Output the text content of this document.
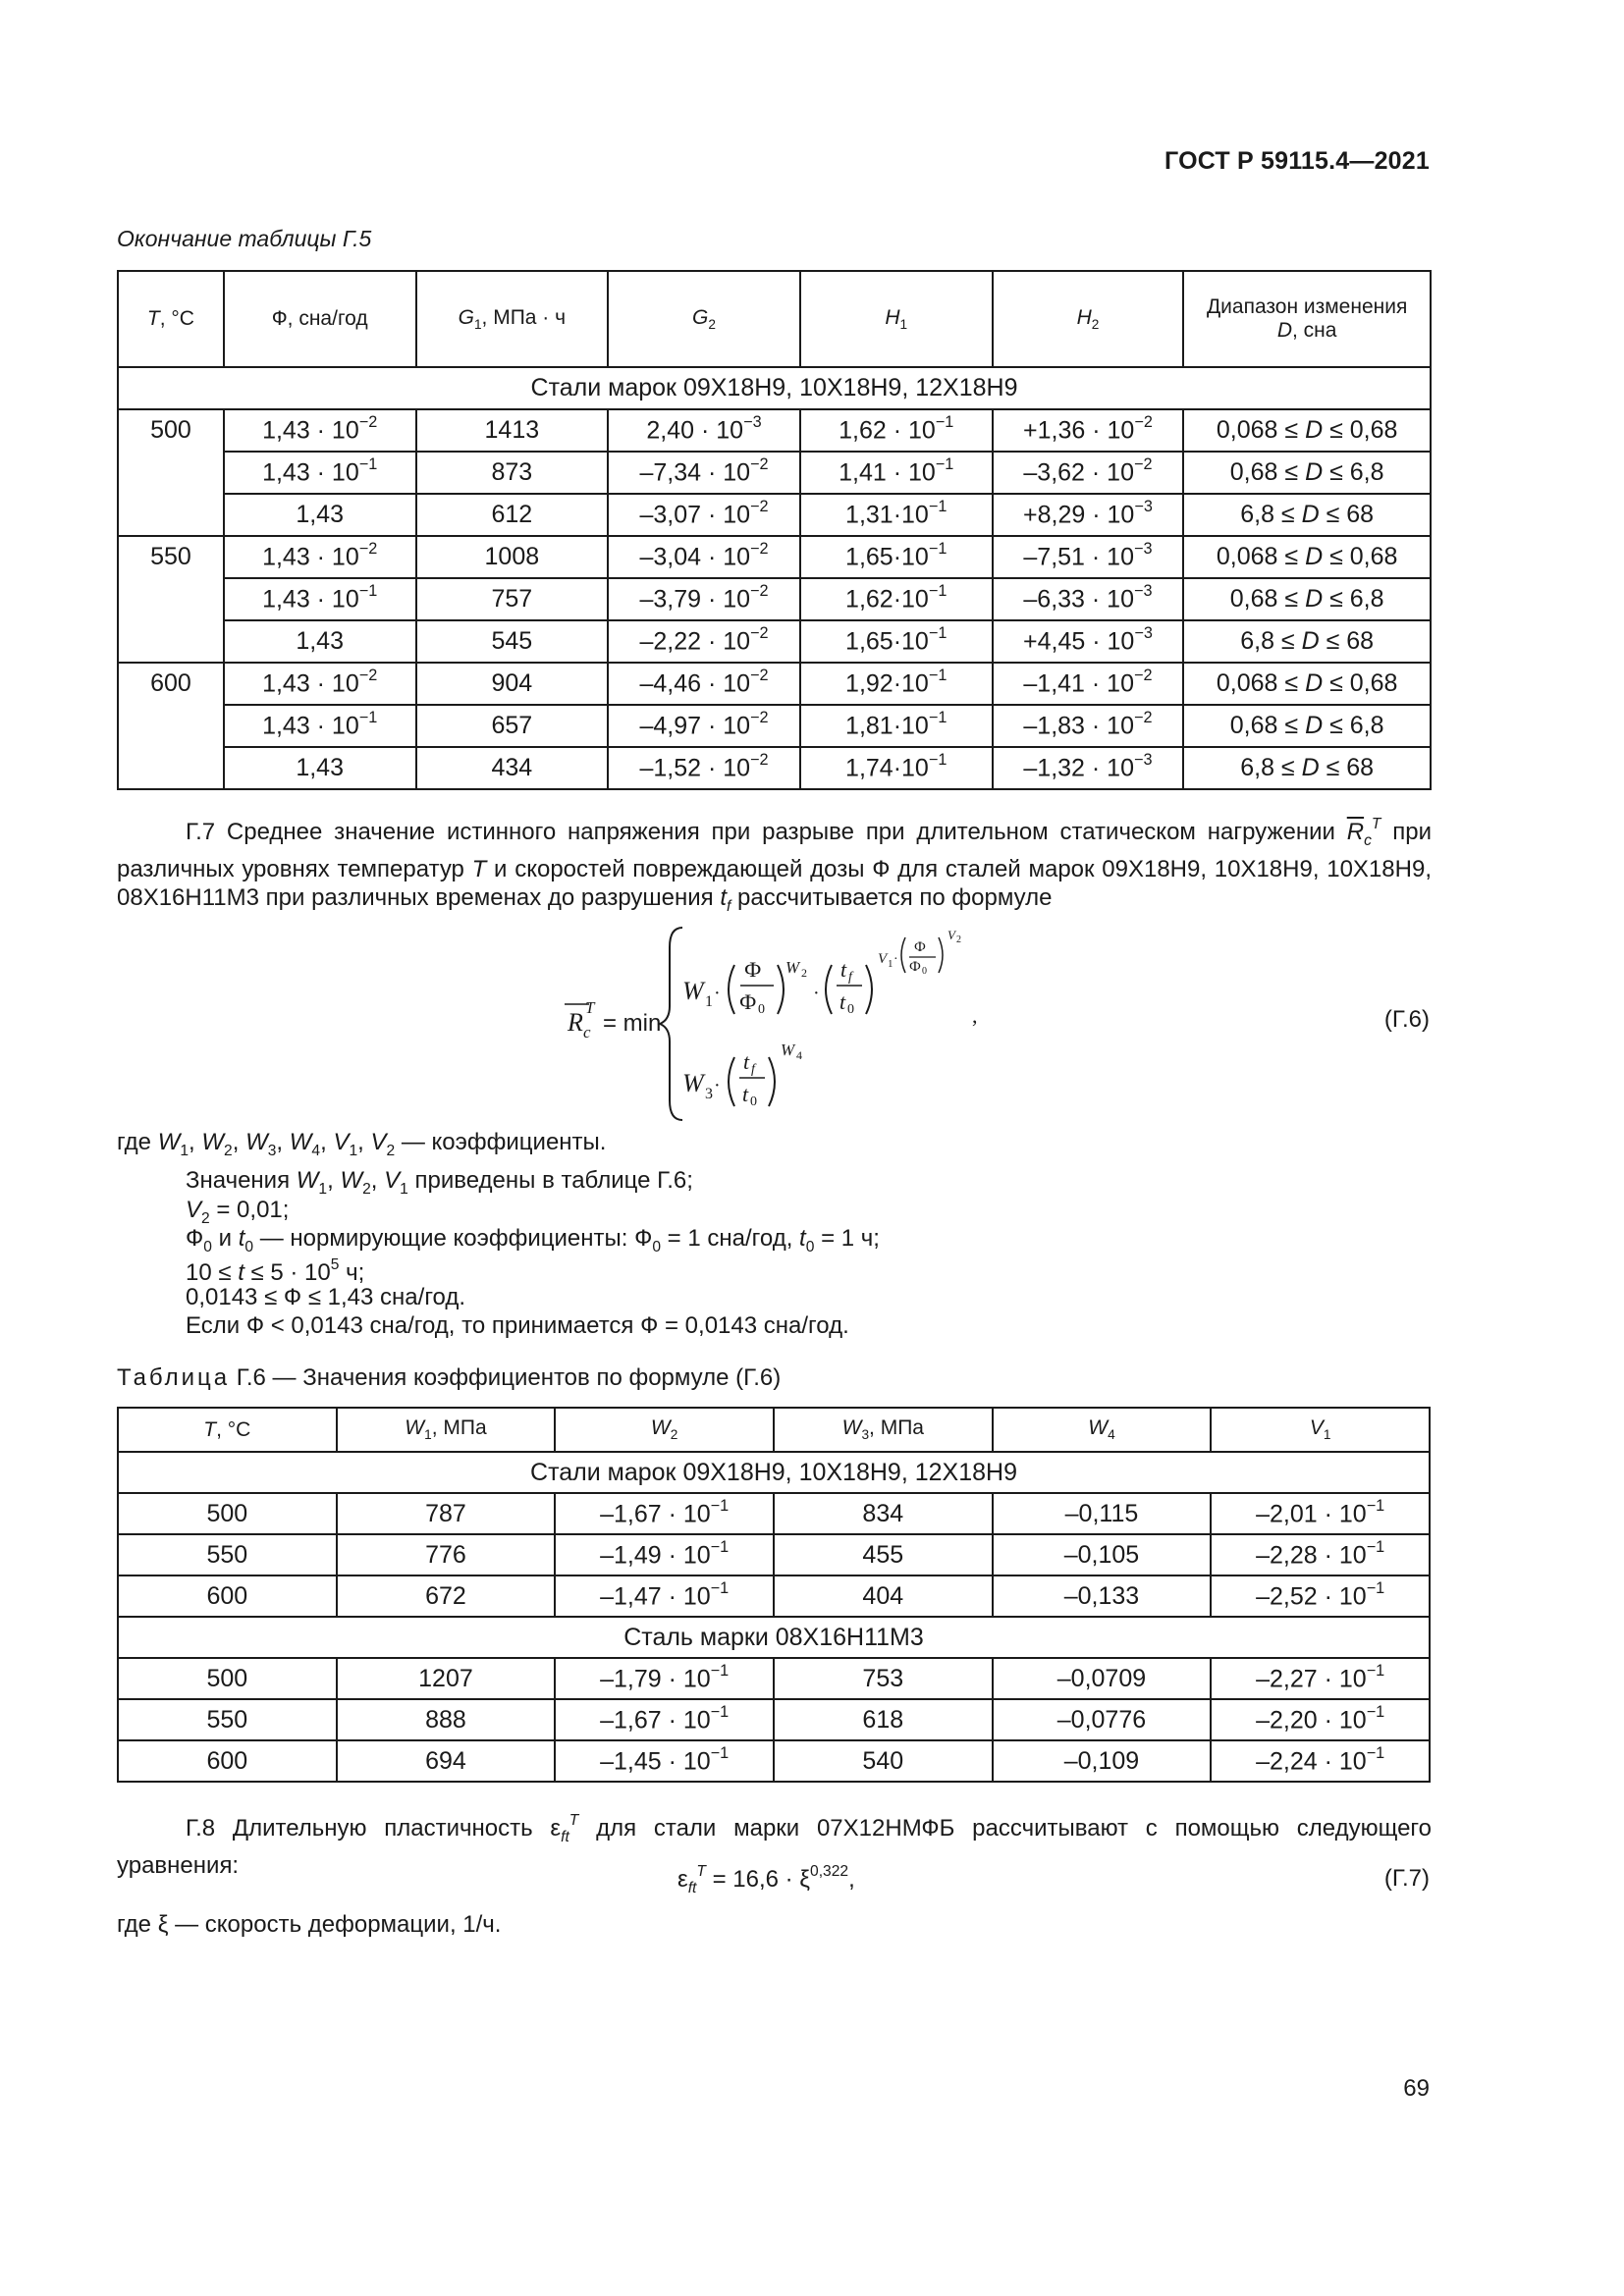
ГОСТ Р 59115.4—2021
Окончание таблицы Г.5
T, °C	Ф, сна/год	$G_1$, МПа · ч	$G_2$	$H_1$	$H_2$	Диапазон изменения
D, сна
Стали марок 09Х18Н9, 10Х18Н9, 12Х18Н9						
500	$1,43 \cdot 10^{-2}$	1413	$2,40 \cdot 10^{-3}$	$1,62 \cdot 10^{-1}$	$+1,36 \cdot 10^{-2}$	0,068 ≤ D ≤ 0,68
	$1,43 \cdot 10^{-1}$	873	$-7,34 \cdot 10^{-2}$	$1,41 \cdot 10^{-1}$	$-3,62 \cdot 10^{-2}$	0,68 ≤ D ≤ 6,8
	1,43	612	$-3,07 \cdot 10^{-2}$	$1,31\cdot 10^{-1}$	$+8,29 \cdot 10^{-3}$	6,8 ≤ D ≤ 68
550	$1,43 \cdot 10^{-2}$	1008	$-3,04 \cdot 10^{-2}$	$1,65\cdot 10^{-1}$	$-7,51 \cdot 10^{-3}$	0,068 ≤ D ≤ 0,68
	$1,43 \cdot 10^{-1}$	757	$-3,79 \cdot 10^{-2}$	$1,62\cdot 10^{-1}$	$-6,33 \cdot 10^{-3}$	0,68 ≤ D ≤ 6,8
	1,43	545	$-2,22 \cdot 10^{-2}$	$1,65\cdot 10^{-1}$	$+4,45 \cdot 10^{-3}$	6,8 ≤ D ≤ 68
600	$1,43 \cdot 10^{-2}$	904	$-4,46 \cdot 10^{-2}$	$1,92\cdot 10^{-1}$	$-1,41 \cdot 10^{-2}$	0,068 ≤ D ≤ 0,68
	$1,43 \cdot 10^{-1}$	657	$-4,97 \cdot 10^{-2}$	$1,81\cdot 10^{-1}$	$-1,83 \cdot 10^{-2}$	0,68 ≤ D ≤ 6,8
	1,43	434	$-1,52 \cdot 10^{-2}$	$1,74\cdot 10^{-1}$	$-1,32 \cdot 10^{-3}$	6,8 ≤ D ≤ 68
Г.7 Среднее значение истинного напряжения при разрыве при длительном статическом нагружении $\overline{R}_c^T$ при различных уровнях температур T и скоростей повреждающей дозы Ф для сталей марок 09Х18Н9, 10Х18Н9, 10Х18Н9, 08Х16Н11М3 при различных временах до разрушения $t_f$ рассчитывается по формуле
R c
T
= min
W 1 ·
Ф
Ф 0
W 2
·
t f
t 0
V 1 ·
Ф
Ф 0
V 2
W 3 ·
t f
t 0
W 4
,	(Г.6)
где $W_1$, $W_2$, $W_3$, $W_4$, $V_1$, $V_2$ — коэффициенты.
Значения $W_1$, $W_2$, $V_1$ приведены в таблице Г.6;
$V_2 = 0,01$;
$Ф_0$ и $t_0$ — нормирующие коэффициенты: $Ф_0 = 1$ сна/год, $t_0 = 1$ ч;
$10 \le t \le 5 \cdot 10^5$ ч;
0,0143 ≤ Ф ≤ 1,43 сна/год.
Если Ф < 0,0143 сна/год, то принимается Ф = 0,0143 сна/год.
Таблица Г.6 — Значения коэффициентов по формуле (Г.6)
T, °C	$W_1$, МПа	$W_2$	$W_3$, МПа	$W_4$	$V_1$
Стали марок 09Х18Н9, 10Х18Н9, 12Х18Н9					
500	787	$-1,67 \cdot 10^{-1}$	834	–0,115	$-2,01 \cdot 10^{-1}$
550	776	$-1,49 \cdot 10^{-1}$	455	–0,105	$-2,28 \cdot 10^{-1}$
600	672	$-1,47 \cdot 10^{-1}$	404	–0,133	$-2,52 \cdot 10^{-1}$
Сталь марки 08Х16Н11М3					
500	1207	$-1,79 \cdot 10^{-1}$	753	–0,0709	$-2,27 \cdot 10^{-1}$
550	888	$-1,67 \cdot 10^{-1}$	618	–0,0776	$-2,20 \cdot 10^{-1}$
600	694	$-1,45 \cdot 10^{-1}$	540	–0,109	$-2,24 \cdot 10^{-1}$
Г.8 Длительную пластичность $\varepsilon_{ft}^T$ для стали марки 07Х12НМФБ рассчитывают с помощью следующего уравнения:
$\varepsilon_{ft}^T = 16,6 \cdot \xi^{0,322}$,	(Г.7)
где ξ — скорость деформации, 1/ч.
69
